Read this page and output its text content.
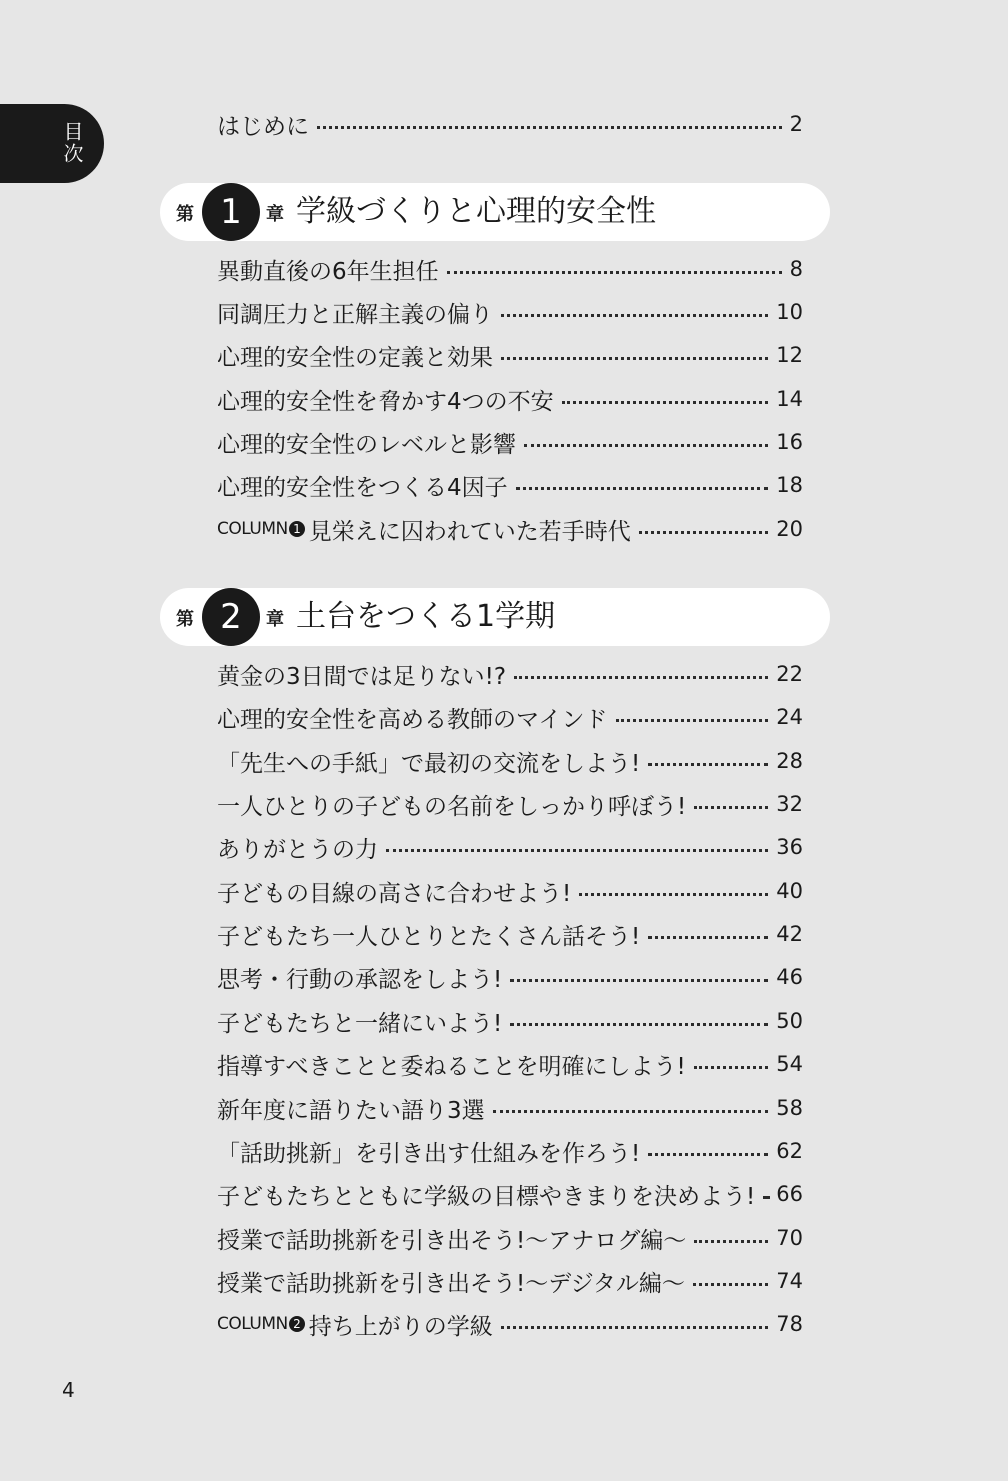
目次	はじめに	2
第 1	章 学級づくりと心理的安全性
異動直後の6年生担任	8
同調圧力と正解主義の偏り	10
心理的安全性の定義と効果	12
心理的安全性を脅かす4つの不安	14
心理的安全性のレベルと影響	16
心理的安全性をつくる4因子	18
COLUMN 1 見栄えに囚われていた若手時代	20
第 2	章 土台をつくる1学期
黄金の3日間では足りない!?	22
心理的安全性を高める教師のマインド	24
「先生への手紙」で最初の交流をしよう!	28
一人ひとりの子どもの名前をしっかり呼ぼう!	32
ありがとうの力	36
子どもの目線の高さに合わせよう!	40
子どもたち一人ひとりとたくさん話そう!	42
思考・行動の承認をしよう!	46
子どもたちと一緒にいよう!	50
指導すべきことと委ねることを明確にしよう!	54
新年度に語りたい語り3選	58
「話助挑新」を引き出す仕組みを作ろう!	62
子どもたちとともに学級の目標やきまりを決めよう! 66
授業で話助挑新を引き出そう!～アナログ編～	70
授業で話助挑新を引き出そう!～デジタル編～	74
COLUMN 2 持ち上がりの学級	78
4
